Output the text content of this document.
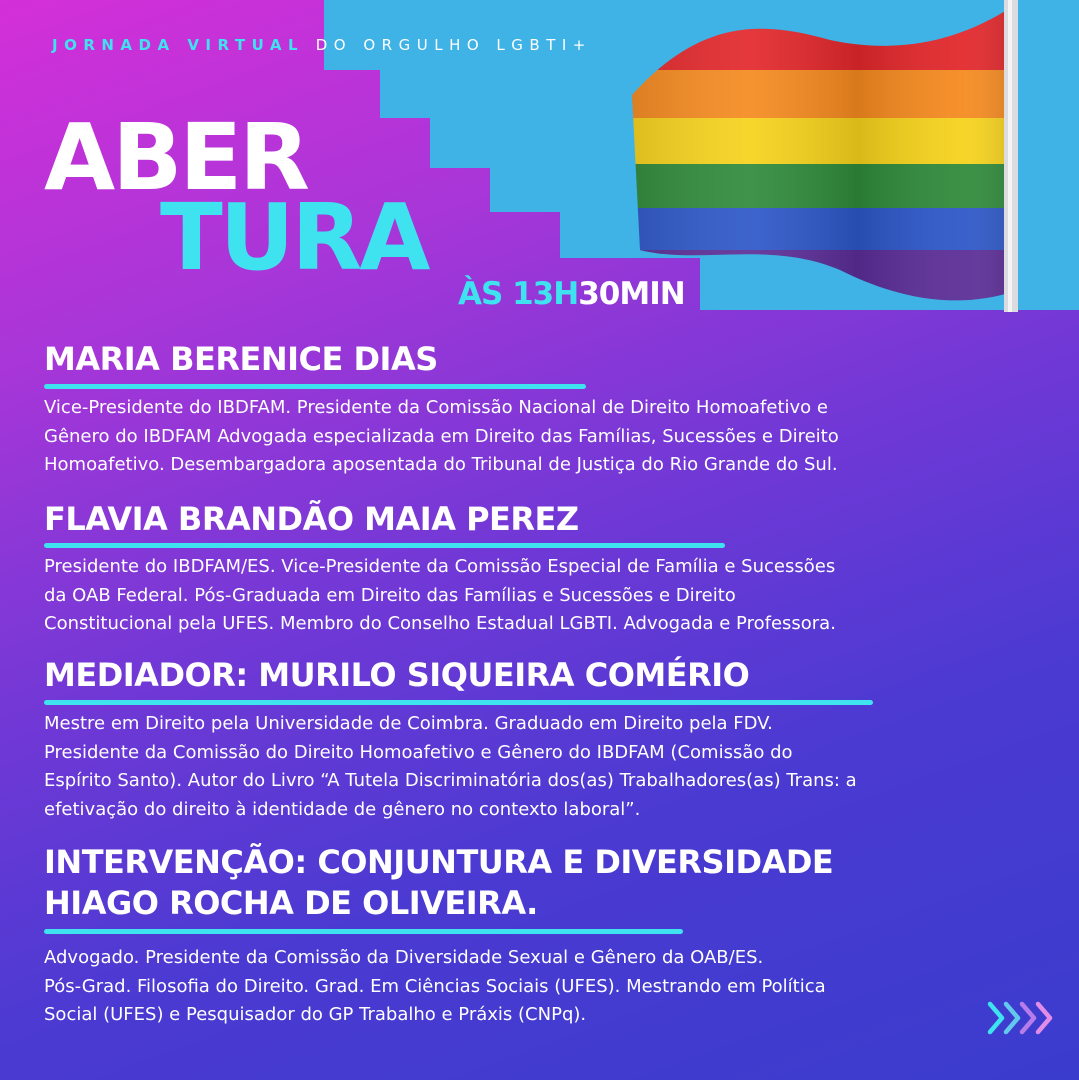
JORNADA VIRTUAL DO ORGULHO LGBTI+

ABER
TURA
ÀS 13H30MIN
MARIA BERENICE DIAS

Vice-Presidente do IBDFAM. Presidente da Comissão Nacional de Direito Homoafetivo e
Gênero do IBDFAM Advogada especializada em Direito das Famílias, Sucessões e Direito
Homoafetivo. Desembargadora aposentada do Tribunal de Justiça do Rio Grande do Sul.

FLAVIA BRANDÃO MAIA PEREZ

Presidente do IBDFAM/ES. Vice-Presidente da Comissão Especial de Família e Sucessões
da OAB Federal. Pós-Graduada em Direito das Famílias e Sucessões e Direito
Constitucional pela UFES. Membro do Conselho Estadual LGBTI. Advogada e Professora.

MEDIADOR: MURILO SIQUEIRA COMÉRIO

Mestre em Direito pela Universidade de Coimbra. Graduado em Direito pela FDV.
Presidente da Comissão do Direito Homoafetivo e Gênero do IBDFAM (Comissão do
Espírito Santo). Autor do Livro “A Tutela Discriminatória dos(as) Trabalhadores(as) Trans: a
efetivação do direito à identidade de gênero no contexto laboral”.

INTERVENÇÃO: CONJUNTURA E DIVERSIDADE
HIAGO ROCHA DE OLIVEIRA.

Advogado. Presidente da Comissão da Diversidade Sexual e Gênero da OAB/ES.
Pós-Grad. Filosofia do Direito. Grad. Em Ciências Sociais (UFES). Mestrando em Política
Social (UFES) e Pesquisador do GP Trabalho e Práxis (CNPq).
